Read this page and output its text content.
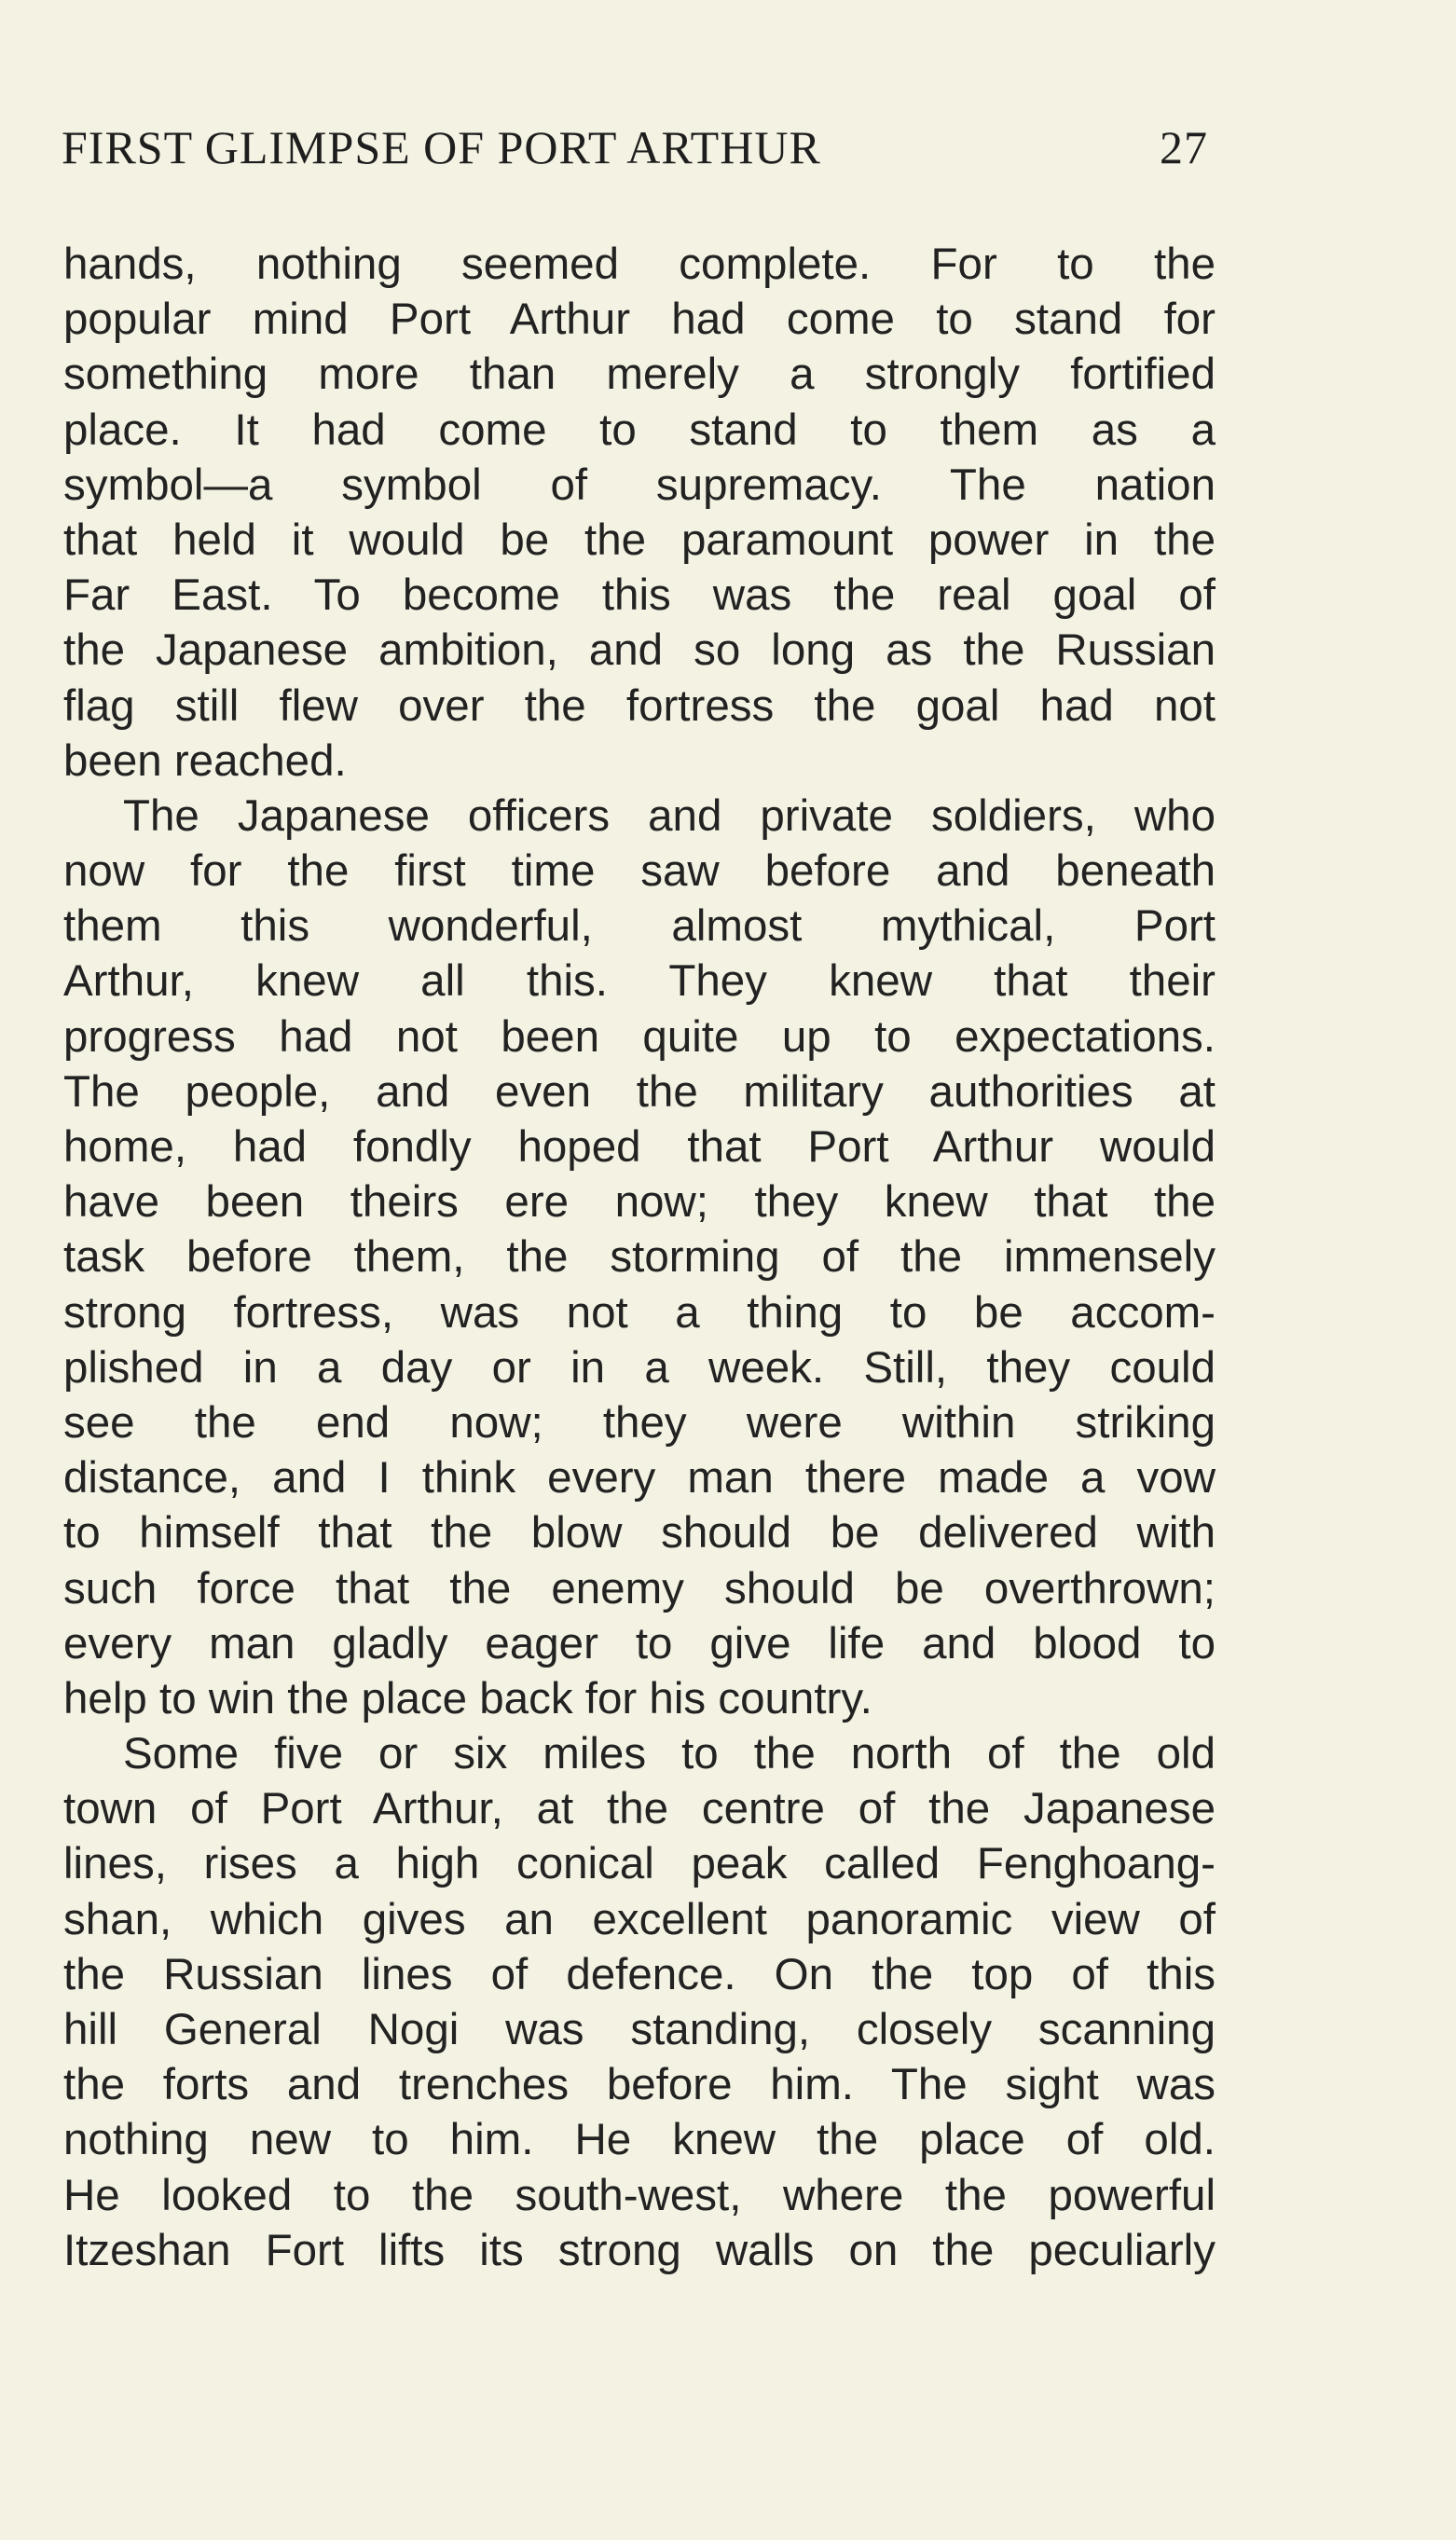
FIRST GLIMPSE OF PORT ARTHUR	27
hands, nothing seemed complete. For to the
popular mind Port Arthur had come to stand for
something more than merely a strongly fortified
place. It had come to stand to them as a
symbol—a symbol of supremacy. The nation
that held it would be the paramount power in the
Far East. To become this was the real goal of
the Japanese ambition, and so long as the Russian
flag still flew over the fortress the goal had not
been reached.
The Japanese officers and private soldiers, who
now for the first time saw before and beneath
them this wonderful, almost mythical, Port
Arthur, knew all this. They knew that their
progress had not been quite up to expectations.
The people, and even the military authorities at
home, had fondly hoped that Port Arthur would
have been theirs ere now; they knew that the
task before them, the storming of the immensely
strong fortress, was not a thing to be accom-
plished in a day or in a week. Still, they could
see the end now; they were within striking
distance, and I think every man there made a vow
to himself that the blow should be delivered with
such force that the enemy should be overthrown;
every man gladly eager to give life and blood to
help to win the place back for his country.
Some five or six miles to the north of the old
town of Port Arthur, at the centre of the Japanese
lines, rises a high conical peak called Fenghoang-
shan, which gives an excellent panoramic view of
the Russian lines of defence. On the top of this
hill General Nogi was standing, closely scanning
the forts and trenches before him. The sight was
nothing new to him. He knew the place of old.
He looked to the south-west, where the powerful
Itzeshan Fort lifts its strong walls on the peculiarly
